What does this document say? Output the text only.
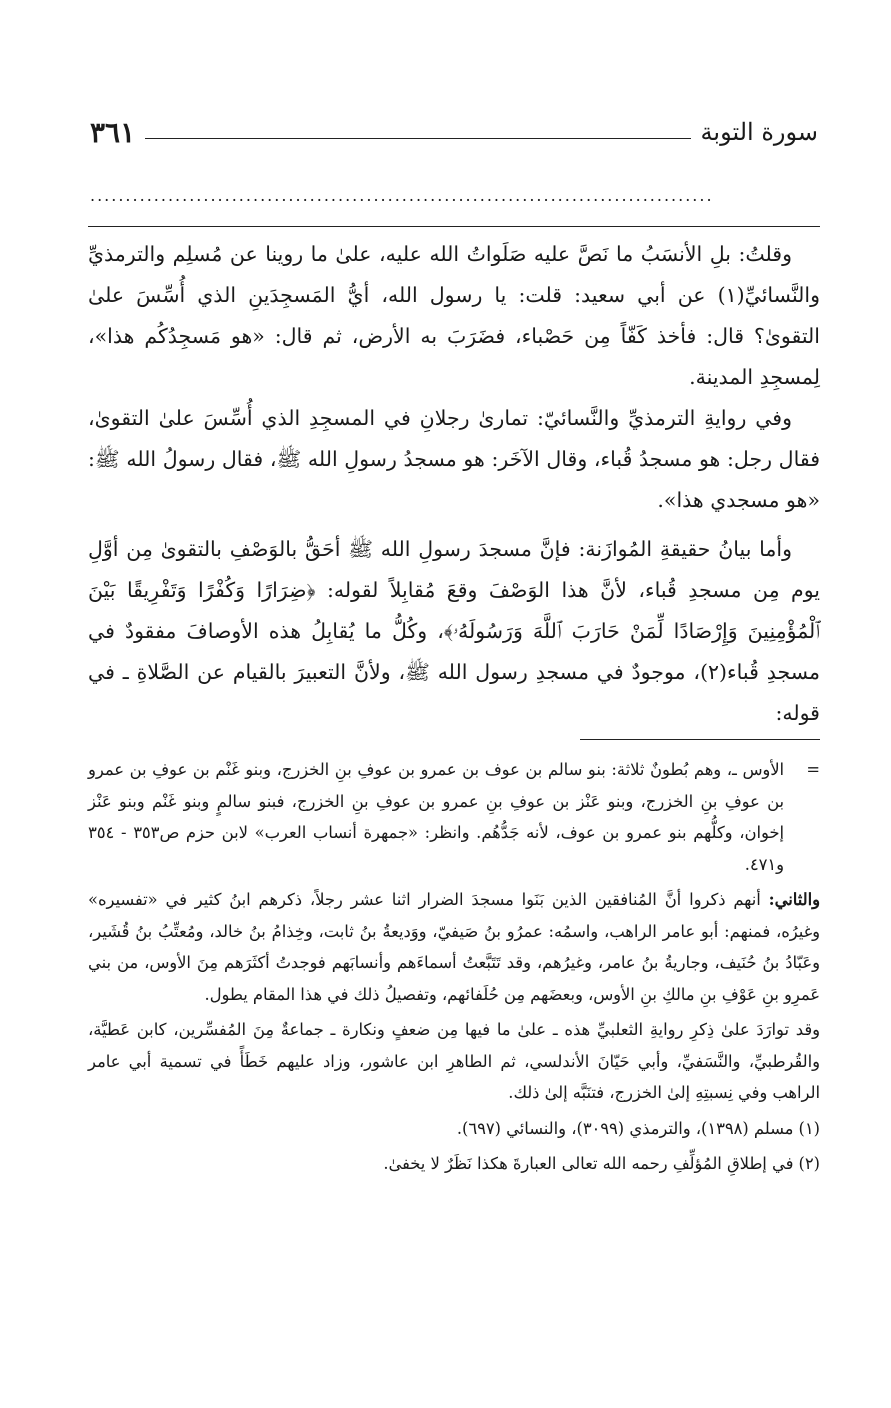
سورة التوبة
٣٦١
........................................................................................

وقلتُ: بلِ الأنسَبُ ما نَصَّ عليه صَلَواتُ الله عليه، علىٰ ما روينا عن مُسلِم والترمذيِّ والنَّسائيِّ(١) عن أبي سعيد: قلت: يا رسول الله، أيُّ المَسجِدَينِ الذي أُسِّسَ علىٰ التقوىٰ؟ قال: فأخذ كَفّاً مِن حَصْباء، فضَرَبَ به الأرض، ثم قال: «هو مَسجِدُكُم هذا»، لِمسجِدِ المدينة.

وفي روايةِ الترمذيِّ والنَّسائيّ: تمارىٰ رجلانِ في المسجِدِ الذي أُسِّسَ علىٰ التقوىٰ، فقال رجل: هو مسجدُ قُباء، وقال الآخَر: هو مسجدُ رسولِ الله ﷺ، فقال رسولُ الله ﷺ: «هو مسجدي هذا».

وأما بيانُ حقيقةِ المُوازَنة: فإنَّ مسجدَ رسولِ الله ﷺ أحَقُّ بالوَصْفِ بالتقوىٰ مِن أوَّلِ يوم مِن مسجدِ قُباء، لأنَّ هذا الوَصْفَ وقعَ مُقابِلاً لقوله: ﴿ضِرَارًا وَكُفْرًا وَتَفْرِيقًا بَيْنَ ٱلْمُؤْمِنِينَ وَإِرْصَادًا لِّمَنْ حَارَبَ ٱللَّهَ وَرَسُولَهُۥ﴾، وكُلُّ ما يُقابِلُ هذه الأوصافَ مفقودٌ في مسجدِ قُباء(٢)، موجودٌ في مسجدِ رسول الله ﷺ، ولأنَّ التعبيرَ بالقيام عن الصَّلاةِ ـ في قوله:

=
الأوس ـ، وهم بُطونٌ ثلاثة: بنو سالم بن عوف بن عمرو بن عوفِ بنِ الخزرج، وبنو غَنْم بن عوفِ بن عمرو بن عوفِ بنِ الخزرج، وبنو عَنْز بن عوفِ بنِ عمرو بن عوفِ بنِ الخزرج، فبنو سالمٍ وبنو غَنْم وبنو عَنْز إخوان، وكلُّهم بنو عمرو بن عوف، لأنه جَدُّهُم. وانظر: «جمهرة أنساب العرب» لابن حزم ص٣٥٣ - ٣٥٤ و٤٧١.

والثاني: أنهم ذكروا أنَّ المُنافقين الذين بَنَوا مسجدَ الضرار اثنا عشر رجلاً، ذكرهم ابنُ كثير في «تفسيره» وغيرُه، فمنهم: أبو عامر الراهب، واسمُه: عمرُو بنُ صَيفيّ، ووَديعةُ بنُ ثابت، وخِذامُ بنُ خالد، ومُعتِّبُ بنُ قُشَير، وعَبّادُ بنُ حُنَيف، وجاريةُ بنُ عامر، وغيرُهم، وقد تَتَبَّعتُ أسماءَهم وأنسابَهم فوجدتُ أكثَرَهم مِنَ الأوس، من بني عَمرِو بنِ عَوْفِ بنِ مالكِ بنِ الأوس، وبعضَهم مِن حُلَفائهم، وتفصيلُ ذلك في هذا المقام يطول.

وقد توارَدَ علىٰ ذِكرِ روايةِ الثعلبيِّ هذه ـ علىٰ ما فيها مِن ضعفٍ ونكارة ـ جماعةٌ مِنَ المُفسِّرين، كابن عَطيَّة، والقُرطبيِّ، والنَّسَفيِّ، وأبي حَيّانَ الأندلسي، ثم الطاهرِ ابن عاشور، وزاد عليهم خَطَأً في تسمية أبي عامر الراهب وفي نِسبتِهِ إلىٰ الخزرج، فتنَبَّه إلىٰ ذلك.

(١) مسلم (١٣٩٨)، والترمذي (٣٠٩٩)، والنسائي (٦٩٧).

(٢) في إطلاقِ المُؤلِّفِ رحمه الله تعالى العبارةَ هكذا نَظَرٌ لا يخفىٰ.
